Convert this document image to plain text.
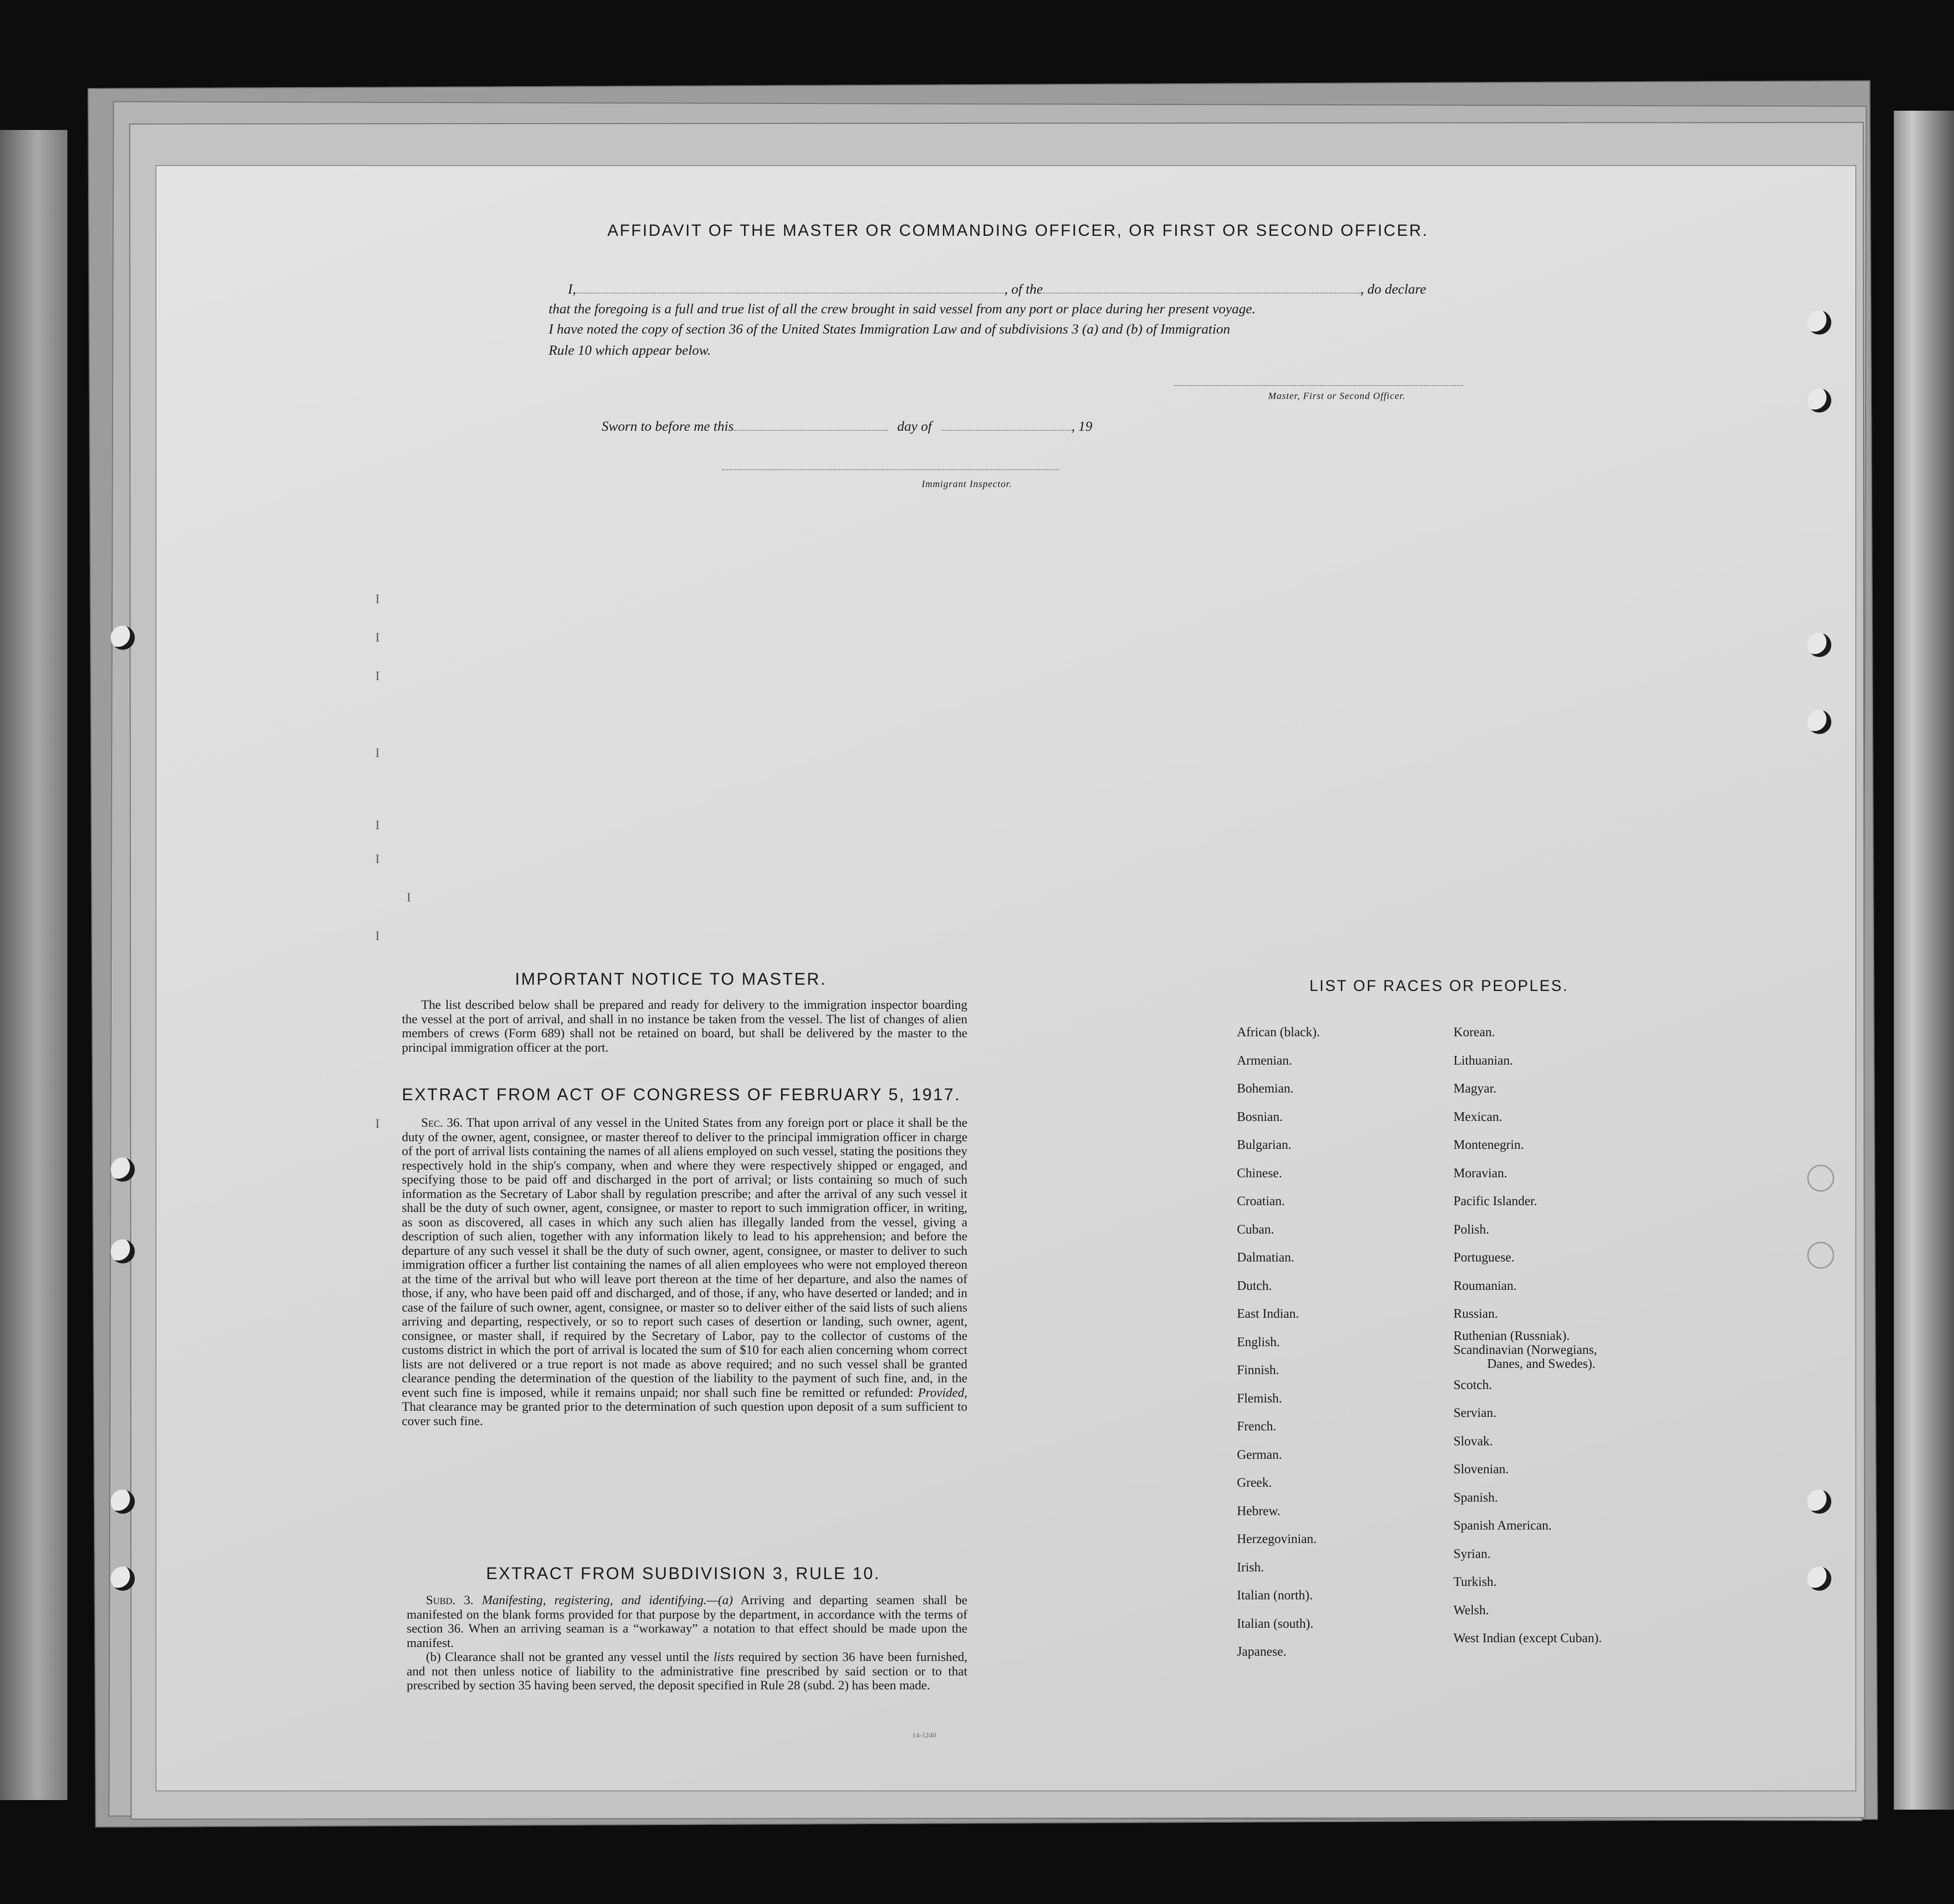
AFFIDAVIT OF THE MASTER OR COMMANDING OFFICER, OR FIRST OR SECOND OFFICER.
I,	, of the	, do declare
that the foregoing is a full and true list of all the crew brought in said vessel from any port or place during her present voyage.
I have noted the copy of section 36 of the United States Immigration Law and of subdivisions 3 (a) and (b) of Immigration
Rule 10 which appear below.
Master, First or Second Officer.
Sworn to before me this	day of	, 19
Immigrant Inspector.
I
I
I
I
I
I
I
I
I
IMPORTANT NOTICE TO MASTER.

The list described below shall be prepared and ready for delivery to the immigration inspector boarding the vessel at the port of arrival, and shall in no instance be taken from the vessel. The list of changes of alien members of crews (Form 689) shall not be retained on board, but shall be delivered by the master to the principal immigration officer at the port.

EXTRACT FROM ACT OF CONGRESS OF FEBRUARY 5, 1917.

Sec. 36. That upon arrival of any vessel in the United States from any foreign port or place it shall be the duty of the owner, agent, consignee, or master thereof to deliver to the principal immigration officer in charge of the port of arrival lists containing the names of all aliens employed on such vessel, stating the positions they respectively hold in the ship's company, when and where they were respectively shipped or engaged, and specifying those to be paid off and discharged in the port of arrival; or lists containing so much of such information as the Secretary of Labor shall by regulation prescribe; and after the arrival of any such vessel it shall be the duty of such owner, agent, consignee, or master to report to such immigration officer, in writing, as soon as discovered, all cases in which any such alien has illegally landed from the vessel, giving a description of such alien, together with any information likely to lead to his apprehension; and before the departure of any such vessel it shall be the duty of such owner, agent, consignee, or master to deliver to such immigration officer a further list containing the names of all alien employees who were not employed thereon at the time of the arrival but who will leave port thereon at the time of her departure, and also the names of those, if any, who have been paid off and discharged, and of those, if any, who have deserted or landed; and in case of the failure of such owner, agent, consignee, or master so to deliver either of the said lists of such aliens arriving and departing, respectively, or so to report such cases of desertion or landing, such owner, agent, consignee, or master shall, if required by the Secretary of Labor, pay to the collector of customs of the customs district in which the port of arrival is located the sum of $10 for each alien concerning whom correct lists are not delivered or a true report is not made as above required; and no such vessel shall be granted clearance pending the determination of the question of the liability to the payment of such fine, and, in the event such fine is imposed, while it remains unpaid; nor shall such fine be remitted or refunded: Provided, That clearance may be granted prior to the determination of such question upon deposit of a sum sufficient to cover such fine.

EXTRACT FROM SUBDIVISION 3, RULE 10.

Subd. 3. Manifesting, registering, and identifying.—(a) Arriving and departing seamen shall be manifested on the blank forms provided for that purpose by the department, in accordance with the terms of section 36. When an arriving seaman is a “workaway” a notation to that effect should be made upon the manifest.

(b) Clearance shall not be granted any vessel until the lists required by section 36 have been furnished, and not then unless notice of liability to the administrative fine prescribed by said section or to that prescribed by section 35 having been served, the deposit specified in Rule 28 (subd. 2) has been made.

14-1240
LIST OF RACES OR PEOPLES.
African (black).
Armenian.
Bohemian.
Bosnian.
Bulgarian.
Chinese.
Croatian.
Cuban.
Dalmatian.
Dutch.
East Indian.
English.
Finnish.
Flemish.
French.
German.
Greek.
Hebrew.
Herzegovinian.
Irish.
Italian (north).
Italian (south).
Japanese.
Korean.
Lithuanian.
Magyar.
Mexican.
Montenegrin.
Moravian.
Pacific Islander.
Polish.
Portuguese.
Roumanian.
Russian.
Ruthenian (Russniak).
Scandinavian (Norwegians,
Danes, and Swedes).
Scotch.
Servian.
Slovak.
Slovenian.
Spanish.
Spanish American.
Syrian.
Turkish.
Welsh.
West Indian (except Cuban).
